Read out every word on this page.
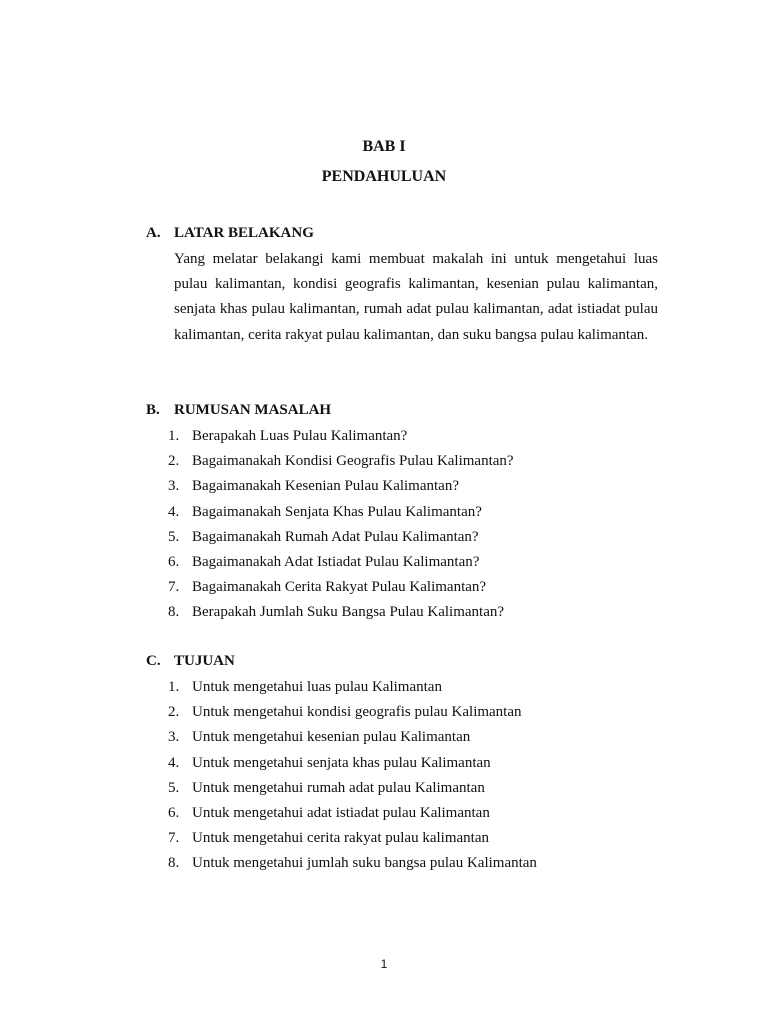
BAB I
PENDAHULUAN
A. LATAR BELAKANG

Yang melatar belakangi kami membuat makalah ini untuk mengetahui luas pulau kalimantan, kondisi geografis kalimantan, kesenian pulau kalimantan, senjata khas pulau kalimantan, rumah adat pulau kalimantan, adat istiadat pulau kalimantan, cerita rakyat pulau kalimantan, dan suku bangsa pulau kalimantan.

B. RUMUSAN MASALAH
1. Berapakah Luas Pulau Kalimantan?
2. Bagaimanakah Kondisi Geografis Pulau Kalimantan?
3. Bagaimanakah Kesenian Pulau Kalimantan?
4. Bagaimanakah Senjata Khas Pulau Kalimantan?
5. Bagaimanakah Rumah Adat Pulau Kalimantan?
6. Bagaimanakah Adat Istiadat Pulau Kalimantan?
7. Bagaimanakah Cerita Rakyat Pulau Kalimantan?
8. Berapakah Jumlah Suku Bangsa Pulau Kalimantan?
C. TUJUAN
1. Untuk mengetahui luas pulau Kalimantan
2. Untuk mengetahui kondisi geografis pulau Kalimantan
3. Untuk mengetahui kesenian pulau Kalimantan
4. Untuk mengetahui senjata khas pulau Kalimantan
5. Untuk mengetahui rumah adat pulau Kalimantan
6. Untuk mengetahui adat istiadat pulau Kalimantan
7. Untuk mengetahui cerita rakyat pulau kalimantan
8. Untuk mengetahui jumlah suku bangsa pulau Kalimantan

1
